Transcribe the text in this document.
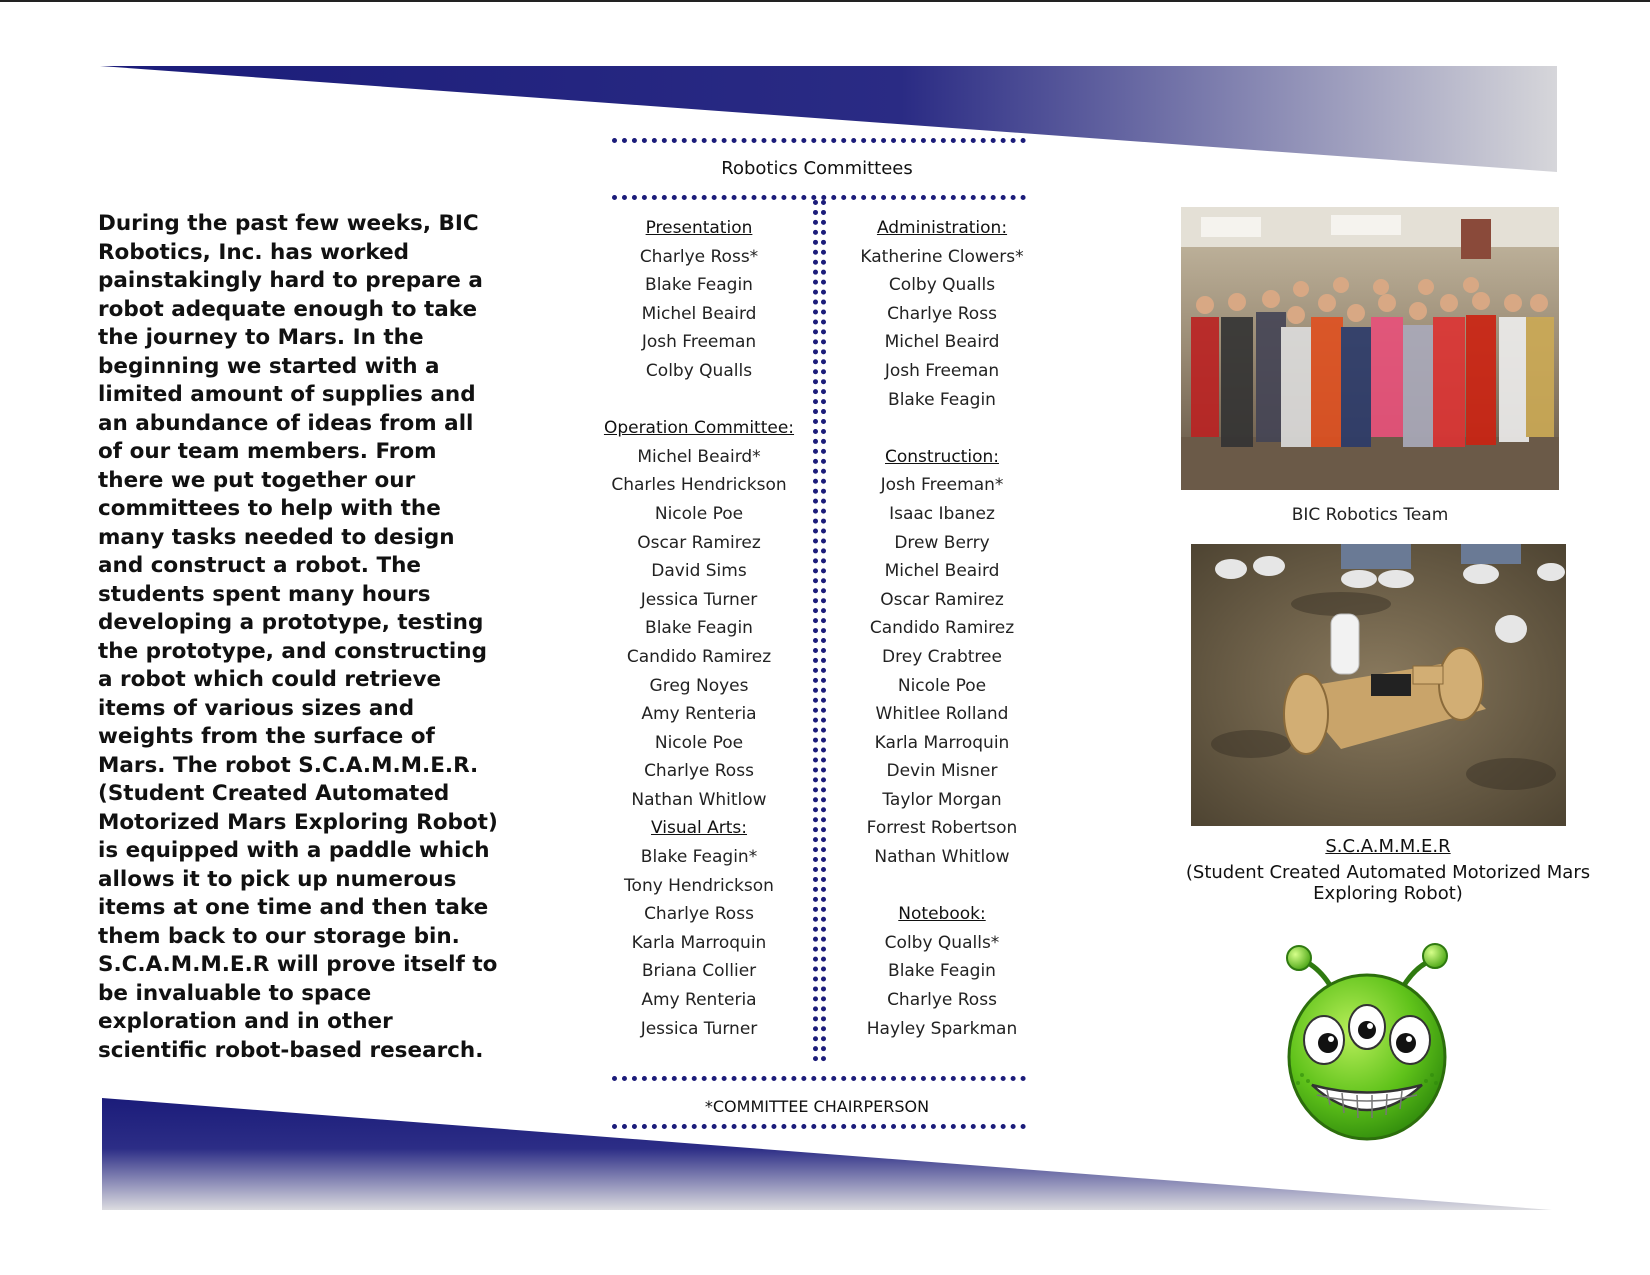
During the past few weeks, BIC Robotics, Inc. has worked painstakingly hard to prepare a robot adequate enough to take the journey to Mars. In the beginning we started with a limited amount of supplies and an abundance of ideas from all of our team members. From there we put together our committees to help with the many tasks needed to design and construct a robot. The students spent many hours developing a prototype, testing the prototype, and constructing a robot which could retrieve items of various sizes and weights from the surface of Mars. The robot S.C.A.M.M.E.R. (Student Created Automated Motorized Mars Exploring Robot) is equipped with a paddle which allows it to pick up numerous items at one time and then take them back to our storage bin. S.C.A.M.M.E.R will prove itself to be invaluable to space exploration and in other scientific robot-based research.

Robotics Committees
Presentation
Charlye Ross*
Blake Feagin
Michel Beaird
Josh Freeman
Colby Qualls
Operation Committee:
Michel Beaird*
Charles Hendrickson
Nicole Poe
Oscar Ramirez
David Sims
Jessica Turner
Blake Feagin
Candido Ramirez
Greg Noyes
Amy Renteria
Nicole Poe
Charlye Ross
Nathan Whitlow
Visual Arts:
Blake Feagin*
Tony Hendrickson
Charlye Ross
Karla Marroquin
Briana Collier
Amy Renteria
Jessica Turner
Administration:
Katherine Clowers*
Colby Qualls
Charlye Ross
Michel Beaird
Josh Freeman
Blake Feagin
Construction:
Josh Freeman*
Isaac Ibanez
Drew Berry
Michel Beaird
Oscar Ramirez
Candido Ramirez
Drey Crabtree
Nicole Poe
Whitlee Rolland
Karla Marroquin
Devin Misner
Taylor Morgan
Forrest Robertson
Nathan Whitlow
Notebook:
Colby Qualls*
Blake Feagin
Charlye Ross
Hayley Sparkman
*COMMITTEE CHAIRPERSON
BIC Robotics Team
S.C.A.M.M.E.R
(Student Created Automated Motorized Mars Exploring Robot)
